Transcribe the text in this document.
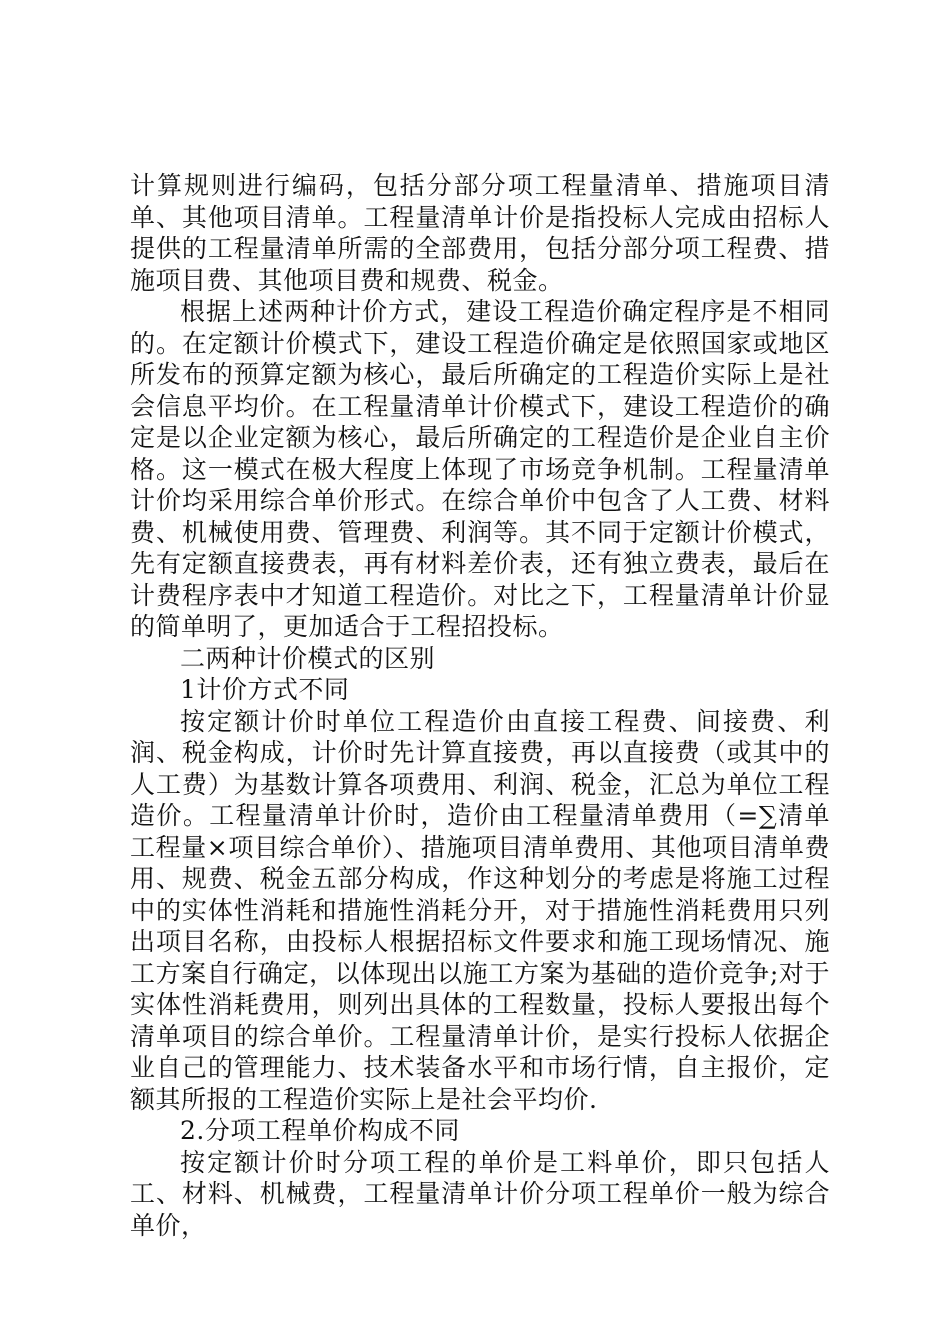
计算规则进行编码，包括分部分项工程量清单、措施项目清单、其他项目清单。工程量清单计价是指投标人完成由招标人提供的工程量清单所需的全部费用，包括分部分项工程费、措施项目费、其他项目费和规费、税金。

根据上述两种计价方式，建设工程造价确定程序是不相同的。在定额计价模式下，建设工程造价确定是依照国家或地区所发布的预算定额为核心，最后所确定的工程造价实际上是社会信息平均价。在工程量清单计价模式下，建设工程造价的确定是以企业定额为核心，最后所确定的工程造价是企业自主价格。这一模式在极大程度上体现了市场竞争机制。工程量清单计价均采用综合单价形式。在综合单价中包含了人工费、材料费、机械使用费、管理费、利润等。其不同于定额计价模式，先有定额直接费表，再有材料差价表，还有独立费表，最后在计费程序表中才知道工程造价。对比之下，工程量清单计价显的简单明了，更加适合于工程招投标。

二两种计价模式的区别

1计价方式不同

按定额计价时单位工程造价由直接工程费、间接费、利润、税金构成，计价时先计算直接费，再以直接费（或其中的人工费）为基数计算各项费用、利润、税金，汇总为单位工程造价。工程量清单计价时，造价由工程量清单费用（=∑清单工程量×项目综合单价）、措施项目清单费用、其他项目清单费用、规费、税金五部分构成，作这种划分的考虑是将施工过程中的实体性消耗和措施性消耗分开，对于措施性消耗费用只列出项目名称，由投标人根据招标文件要求和施工现场情况、施工方案自行确定，以体现出以施工方案为基础的造价竞争;对于实体性消耗费用，则列出具体的工程数量，投标人要报出每个清单项目的综合单价。工程量清单计价，是实行投标人依据企业自己的管理能力、技术装备水平和市场行情，自主报价，定额其所报的工程造价实际上是社会平均价.

2.分项工程单价构成不同

按定额计价时分项工程的单价是工料单价，即只包括人工、材料、机械费，工程量清单计价分项工程单价一般为综合单价，
